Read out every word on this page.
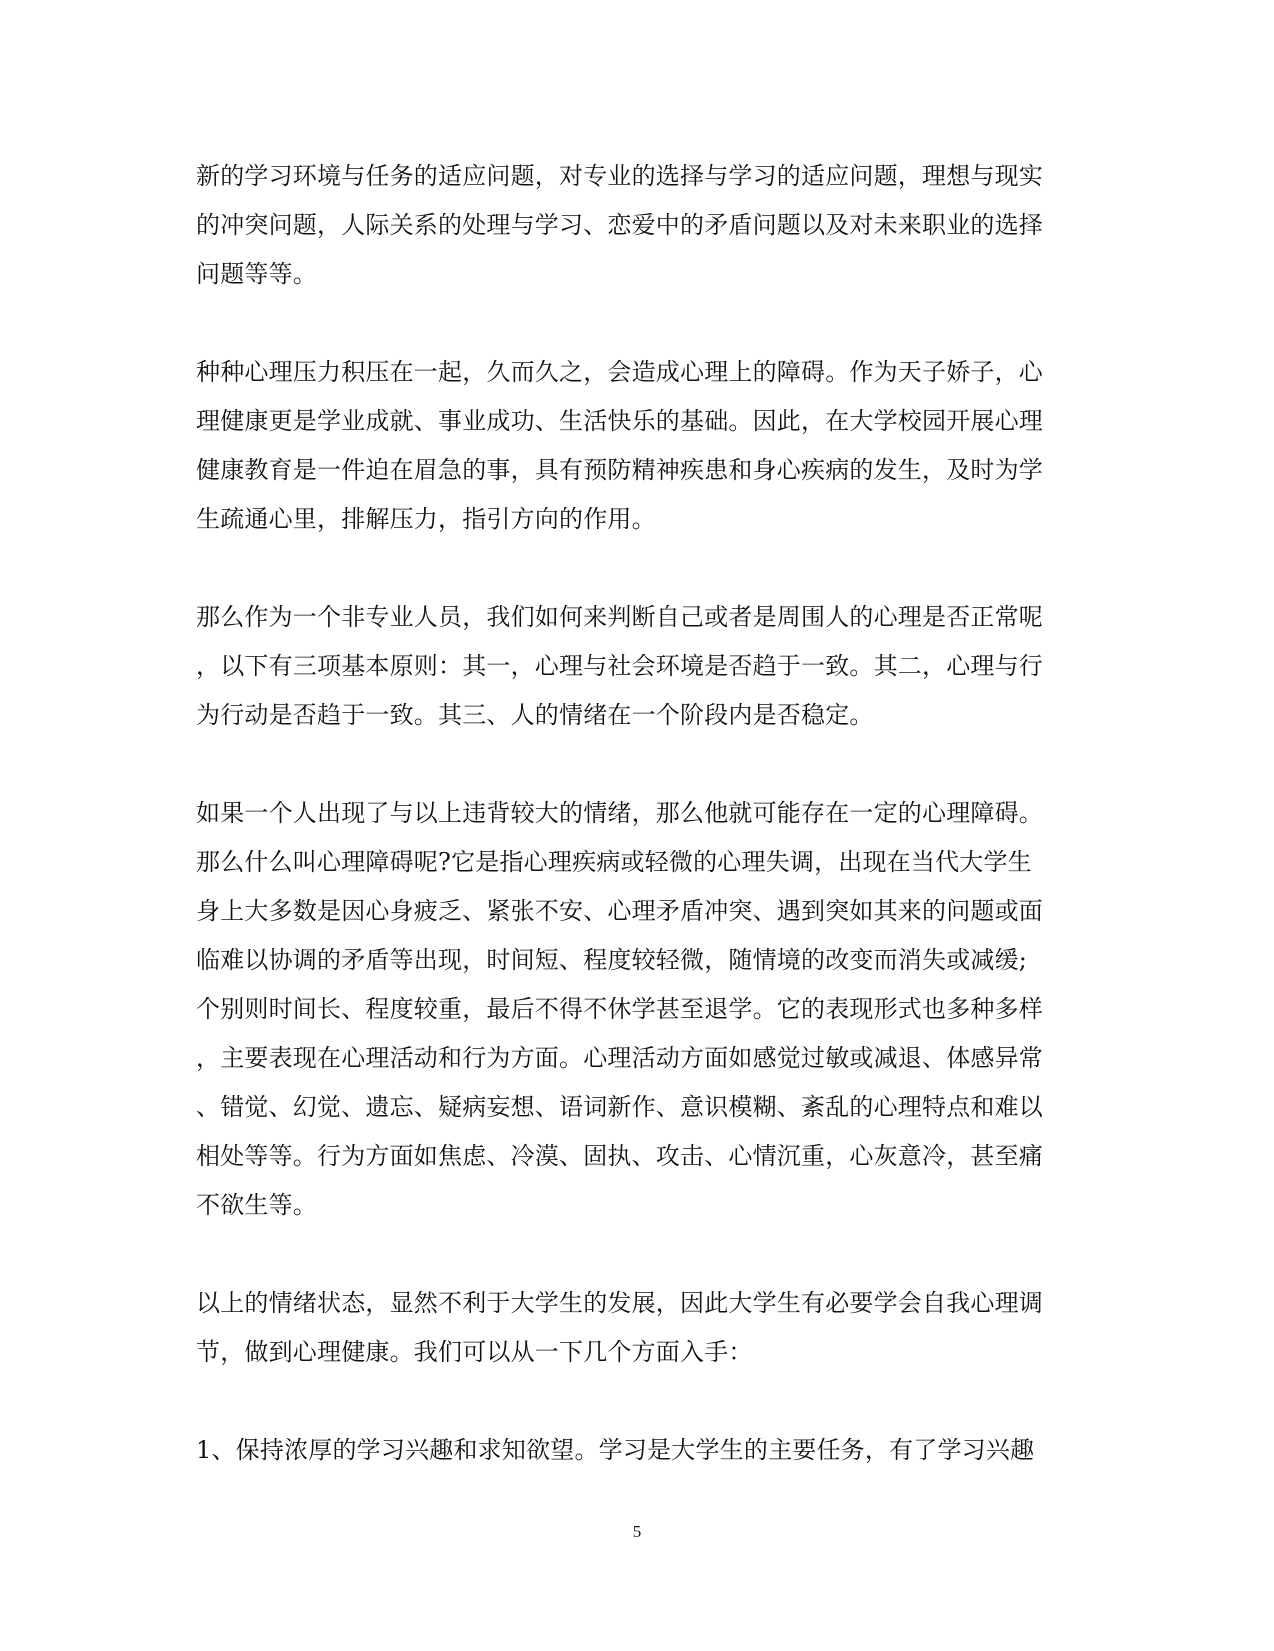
新的学习环境与任务的适应问题，对专业的选择与学习的适应问题，理想与现实
的冲突问题，人际关系的处理与学习、恋爱中的矛盾问题以及对未来职业的选择
问题等等。
种种心理压力积压在一起，久而久之，会造成心理上的障碍。作为天子娇子，心
理健康更是学业成就、事业成功、生活快乐的基础。因此，在大学校园开展心理
健康教育是一件迫在眉急的事，具有预防精神疾患和身心疾病的发生，及时为学
生疏通心里，排解压力，指引方向的作用。
那么作为一个非专业人员，我们如何来判断自己或者是周围人的心理是否正常呢
，以下有三项基本原则：其一，心理与社会环境是否趋于一致。其二，心理与行
为行动是否趋于一致。其三、人的情绪在一个阶段内是否稳定。
如果一个人出现了与以上违背较大的情绪，那么他就可能存在一定的心理障碍。
那么什么叫心理障碍呢?它是指心理疾病或轻微的心理失调，出现在当代大学生
身上大多数是因心身疲乏、紧张不安、心理矛盾冲突、遇到突如其来的问题或面
临难以协调的矛盾等出现，时间短、程度较轻微，随情境的改变而消失或减缓;
个别则时间长、程度较重，最后不得不休学甚至退学。它的表现形式也多种多样
，主要表现在心理活动和行为方面。心理活动方面如感觉过敏或减退、体感异常
、错觉、幻觉、遗忘、疑病妄想、语词新作、意识模糊、紊乱的心理特点和难以
相处等等。行为方面如焦虑、冷漠、固执、攻击、心情沉重，心灰意冷，甚至痛
不欲生等。
以上的情绪状态，显然不利于大学生的发展，因此大学生有必要学会自我心理调
节，做到心理健康。我们可以从一下几个方面入手：
1、保持浓厚的学习兴趣和求知欲望。学习是大学生的主要任务，有了学习兴趣
5
